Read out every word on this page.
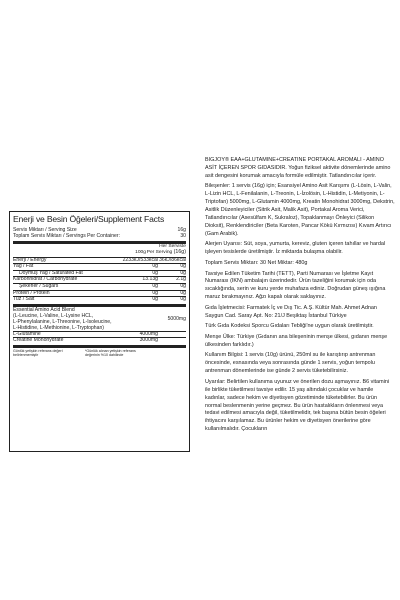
Enerji ve Besin Öğeleri/Supplement Facts
Servis Miktarı / Serving Size	16g
Toplam Servis Miktarı / Servings Per Container:	30
100g
Her Serviste
Per Serving (16g)
Enerji / Energy	2233kJ/533kcal 36kJ/86kcal
Yağ / Fat	0g	0g
Doymuş Yağ / Saturated Fat	0g	0g
Karbonhidrat / Carbohydrate	13.13g	2.1g
Şekerler / Sugars	0g	0g
Protein / Protein	0g	0g
Tuz / Salt	0g	0g
Essential Amino Acid Blend
(L-Leucine, L-Valine, L-Lysine HCL,
L-Phenylalanine, L-Threonine, L-Isoleucine,
L-Histidine, L-Methionine, L-Tryptophan)
5000mg
L-Glutamine	4000mg
Creatine Monohydrate	3000mg
Günlük yetişkin referans değeri
belirlenmemiştir
*Günlük alınan yetişkin referans
değerinin %10 dahilinde

BIGJOY® EAA+GLUTAMINE+CREATINE PORTAKAL AROMALI - AMINO ASİT İÇEREN SPOR GIDASIDIR. Yoğun fiziksel aktivite dönemlerinde amino asit dengesini korumak amacıyla formüle edilmiştir. Tatlandırıcılar içerir.

Bileşenler: 1 servis (16g) için; Esansiyel Amino Asit Karışımı (L-Lösin, L-Valin, L-Lizin HCL, L-Fenilalanin, L-Treonin, L-İzolösin, L-Histidin, L-Metiyonin, L-Triptofan) 5000mg, L-Glutamin 4000mg, Kreatin Monohidrat 3000mg, Dekstrin, Asitlik Düzenleyiciler (Sitrik Asit, Malik Asit), Portakal Aroma Verici, Tatlandırıcılar (Asesülfam K, Sukraloz), Topaklanmayı Önleyici (Silikon Dioksit), Renklendiriciler (Beta Karoten, Pancar Kökü Kırmızısı) Kıvam Artırıcı (Gam Arabik).

Alerjen Uyarısı: Süt, soya, yumurta, kereviz, gluten içeren tahıllar ve hardal işleyen tesislerde üretilmiştir. İz miktarda bulaşma olabilir.

Toplam Servis Miktarı: 30 Net Miktar: 480g

Tavsiye Edilen Tüketim Tarihi (TETT), Parti Numarası ve İşletme Kayıt Numarası (IKN) ambalajın üzerindedir. Ürün tazeliğini korumak için oda sıcaklığında, serin ve kuru yerde muhafaza ediniz. Doğrudan güneş ışığına maruz bırakmayınız. Ağzı kapalı olarak saklayınız.

Gıda İşletmecisi: Farmatek İç ve Dış Tic. A.Ş. Kültür Mah. Ahmet Adnan Saygun Cad. Saray Apt. No: 21/J Beşiktaş İstanbul Türkiye

Türk Gıda Kodeksi Sporcu Gıdaları Tebliği'ne uygun olarak üretilmiştir.

Menşe Ülke: Türkiye (Gıdanın ana bileşeninin menşe ülkesi, gıdanın menşe ülkesinden farklıdır.)

Kullanım Bilgisi: 1 servis (10g) ürünü, 250ml su ile karıştırıp antrenman öncesinde, esnasında veya sonrasında günde 1 servis, yoğun tempolu antrenman dönemlerinde ise günde 2 servis tüketebilirsiniz.

Uyarılar: Belirtilen kullanıma uyunuz ve önerilen dozu aşmayınız. B6 vitamini ile birlikte tüketilmesi tavsiye edilir. 15 yaş altındaki çocuklar ve hamile kadınlar, sadece hekim ve diyetisyen gözetiminde tüketebilirler. Bu ürün normal beslenmenin yerine geçmez. Bu ürün hastalıkların önlenmesi veya tedavi edilmesi amacıyla değil, tüketilmelidir, tek başına bütün besin öğeleri ihtiyacını karşılamaz. Bu ürünler hekim ve diyetisyen önerilerine göre kullanılmalıdır. Çocukların
